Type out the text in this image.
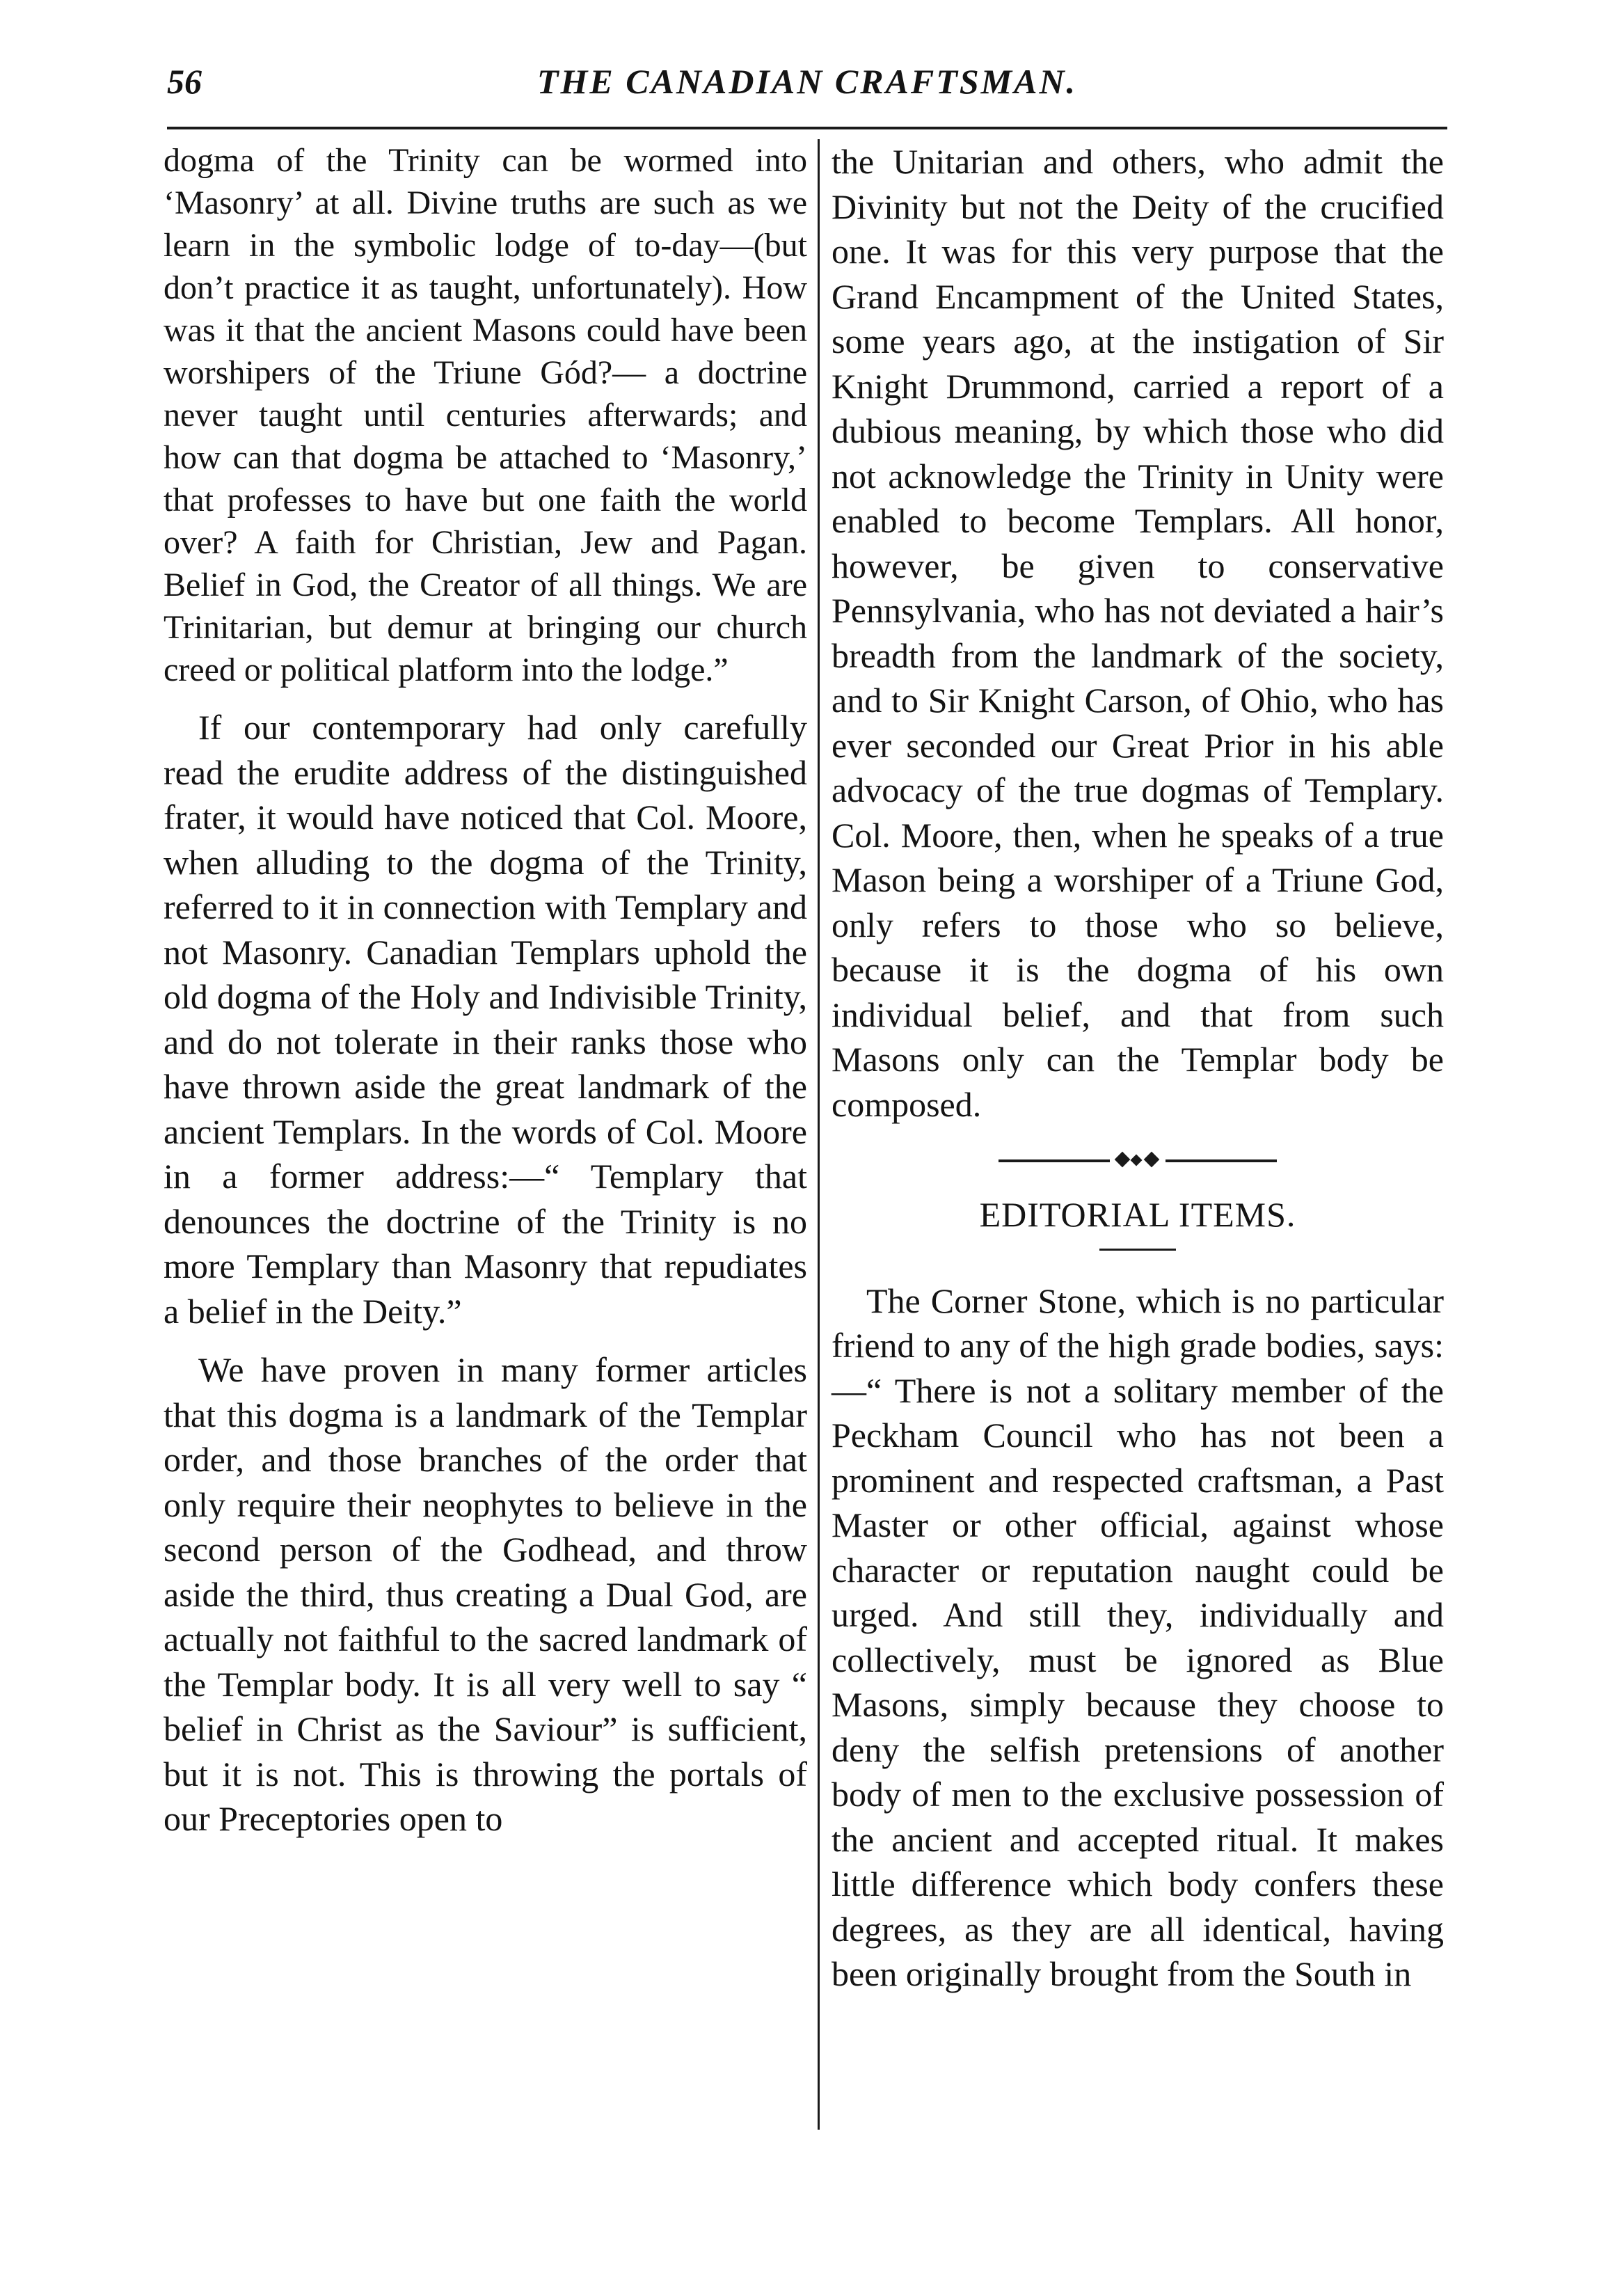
56	THE CANADIAN CRAFTSMAN.

dogma of the Trinity can be wormed into ‘Masonry’ at all. Divine truths are such as we learn in the symbolic lodge of to-day—(but don’t practice it as taught, unfortunately). How was it that the ancient Masons could have been worshipers of the Triune Gód?— a doctrine never taught until centuries afterwards; and how can that dogma be attached to ‘Masonry,’ that professes to have but one faith the world over? A faith for Christian, Jew and Pagan. Belief in God, the Creator of all things. We are Trinitarian, but demur at bringing our church creed or political platform into the lodge.”

If our contemporary had only carefully read the erudite address of the distinguished frater, it would have noticed that Col. Moore, when alluding to the dogma of the Trinity, referred to it in connection with Templary and not Masonry. Canadian Templars uphold the old dogma of the Holy and Indivisible Trinity, and do not tolerate in their ranks those who have thrown aside the great landmark of the ancient Templars. In the words of Col. Moore in a former address:—“ Templary that denounces the doctrine of the Trinity is no more Templary than Masonry that repudiates a belief in the Deity.”

We have proven in many former articles that this dogma is a landmark of the Templar order, and those branches of the order that only require their neophytes to believe in the second person of the Godhead, and throw aside the third, thus creating a Dual God, are actually not faithful to the sacred landmark of the Templar body. It is all very well to say “ belief in Christ as the Saviour” is sufficient, but it is not. This is throwing the portals of our Preceptories open to

the Unitarian and others, who admit the Divinity but not the Deity of the crucified one. It was for this very purpose that the Grand Encampment of the United States, some years ago, at the instigation of Sir Knight Drummond, carried a report of a dubious meaning, by which those who did not acknowledge the Trinity in Unity were enabled to become Templars. All honor, however, be given to conservative Pennsylvania, who has not deviated a hair’s breadth from the landmark of the society, and to Sir Knight Carson, of Ohio, who has ever seconded our Great Prior in his able advocacy of the true dogmas of Templary. Col. Moore, then, when he speaks of a true Mason being a worshiper of a Triune God, only refers to those who so believe, because it is the dogma of his own individual belief, and that from such Masons only can the Templar body be composed.

EDITORIAL ITEMS.

The Corner Stone, which is no particular friend to any of the high grade bodies, says:—“ There is not a solitary member of the Peckham Council who has not been a prominent and respected craftsman, a Past Master or other official, against whose character or reputation naught could be urged. And still they, individually and collectively, must be ignored as Blue Masons, simply because they choose to deny the selfish pretensions of another body of men to the exclusive possession of the ancient and accepted ritual. It makes little difference which body confers these degrees, as they are all identical, having been originally brought from the South in
